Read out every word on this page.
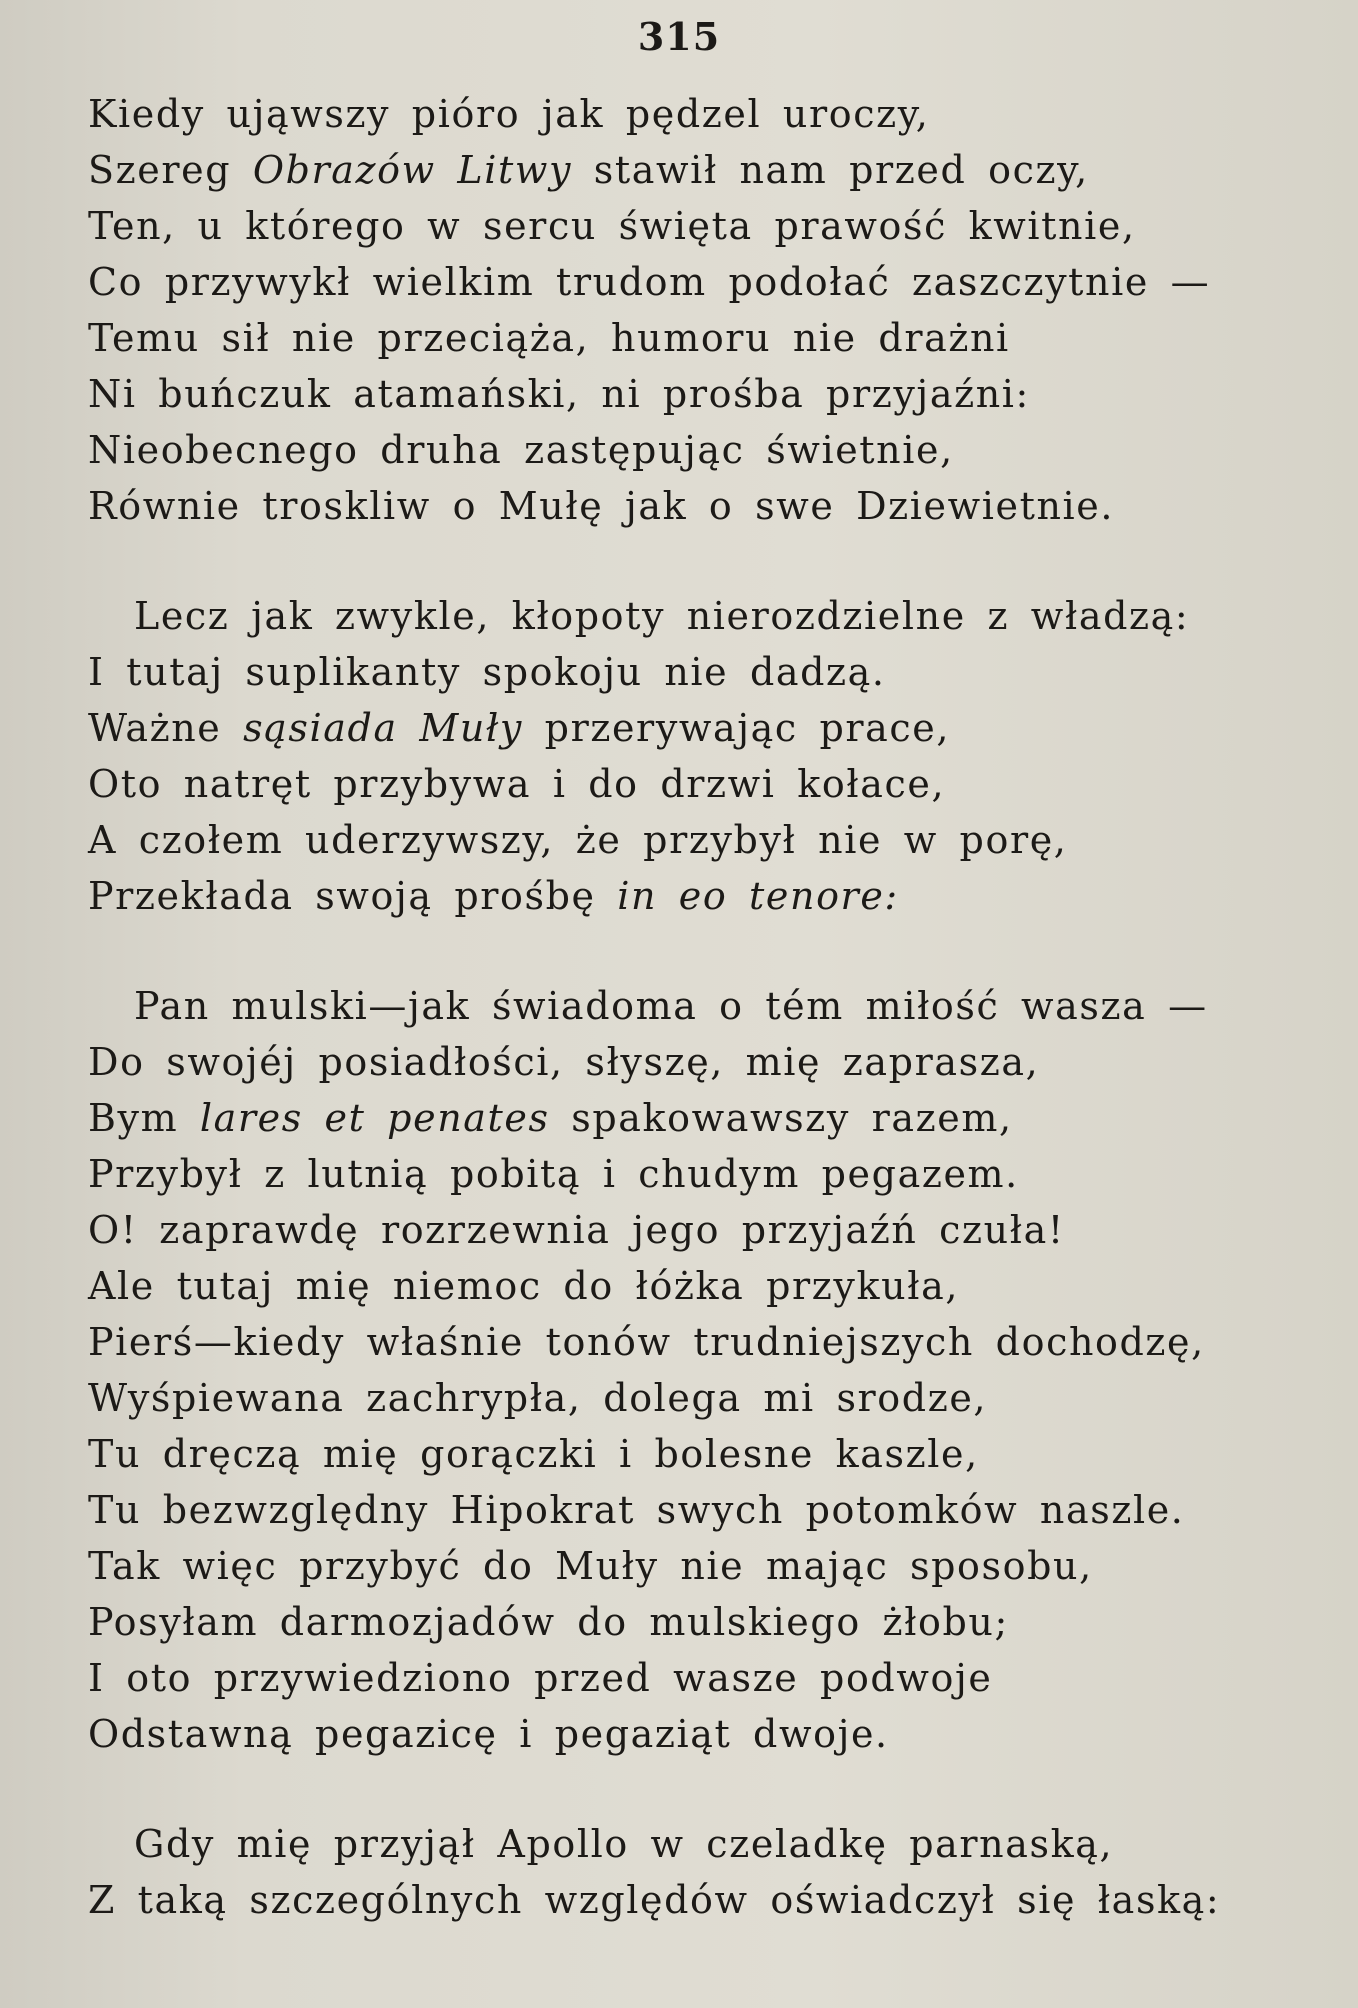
315
Kiedy ująwszy pióro jak pędzel uroczy,
Szereg Obrazów Litwy stawił nam przed oczy,
Ten, u którego w sercu święta prawość kwitnie,
Co przywykł wielkim trudom podołać zaszczytnie —
Temu sił nie przeciąża, humoru nie drażni
Ni buńczuk atamański, ni prośba przyjaźni:
Nieobecnego druha zastępując świetnie,
Równie troskliw o Mułę jak o swe Dziewietnie.
Lecz jak zwykle, kłopoty nierozdzielne z władzą:
I tutaj suplikanty spokoju nie dadzą.
Ważne sąsiada Muły przerywając prace,
Oto natręt przybywa i do drzwi kołace,
A czołem uderzywszy, że przybył nie w porę,
Przekłada swoją prośbę in eo tenore:
Pan mulski—jak świadoma o tém miłość wasza —
Do swojéj posiadłości, słyszę, mię zaprasza,
Bym lares et penates spakowawszy razem,
Przybył z lutnią pobitą i chudym pegazem.
O! zaprawdę rozrzewnia jego przyjaźń czuła!
Ale tutaj mię niemoc do łóżka przykuła,
Pierś—kiedy właśnie tonów trudniejszych dochodzę,
Wyśpiewana zachrypła, dolega mi srodze,
Tu dręczą mię gorączki i bolesne kaszle,
Tu bezwzględny Hipokrat swych potomków naszle.
Tak więc przybyć do Muły nie mając sposobu,
Posyłam darmozjadów do mulskiego żłobu;
I oto przywiedziono przed wasze podwoje
Odstawną pegazicę i pegaziąt dwoje.
Gdy mię przyjął Apollo w czeladkę parnaską,
Z taką szczególnych względów oświadczył się łaską:
